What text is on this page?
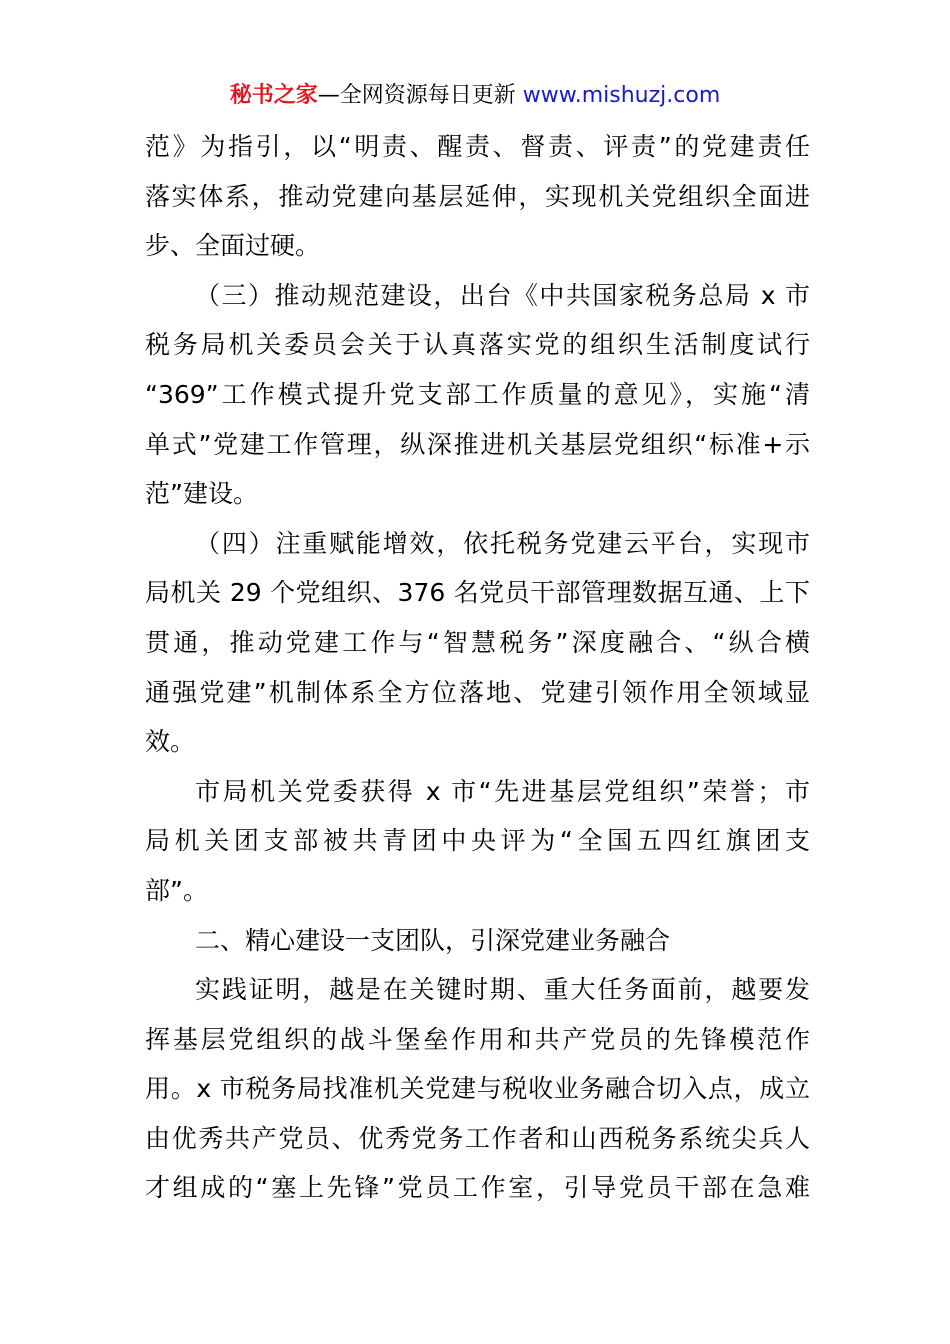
秘书之家—全网资源每日更新 www.mishuzj.com
范》为指引，以“明责、醒责、督责、评责”的党建责任
落实体系，推动党建向基层延伸，实现机关党组织全面进
步、全面过硬。
（三）推动规范建设，出台《中共国家税务总局 x 市
税务局机关委员会关于认真落实党的组织生活制度试行
“369”工作模式提升党支部工作质量的意见》，实施“清
单式”党建工作管理，纵深推进机关基层党组织“标准+示
范”建设。
（四）注重赋能增效，依托税务党建云平台，实现市
局机关 29 个党组织、376 名党员干部管理数据互通、上下
贯通，推动党建工作与“智慧税务”深度融合、“纵合横
通强党建”机制体系全方位落地、党建引领作用全领域显
效。
市局机关党委获得 x 市“先进基层党组织”荣誉；市
局机关团支部被共青团中央评为“全国五四红旗团支
部”。
二、精心建设一支团队，引深党建业务融合
实践证明，越是在关键时期、重大任务面前，越要发
挥基层党组织的战斗堡垒作用和共产党员的先锋模范作
用。x 市税务局找准机关党建与税收业务融合切入点，成立
由优秀共产党员、优秀党务工作者和山西税务系统尖兵人
才组成的“塞上先锋”党员工作室，引导党员干部在急难
